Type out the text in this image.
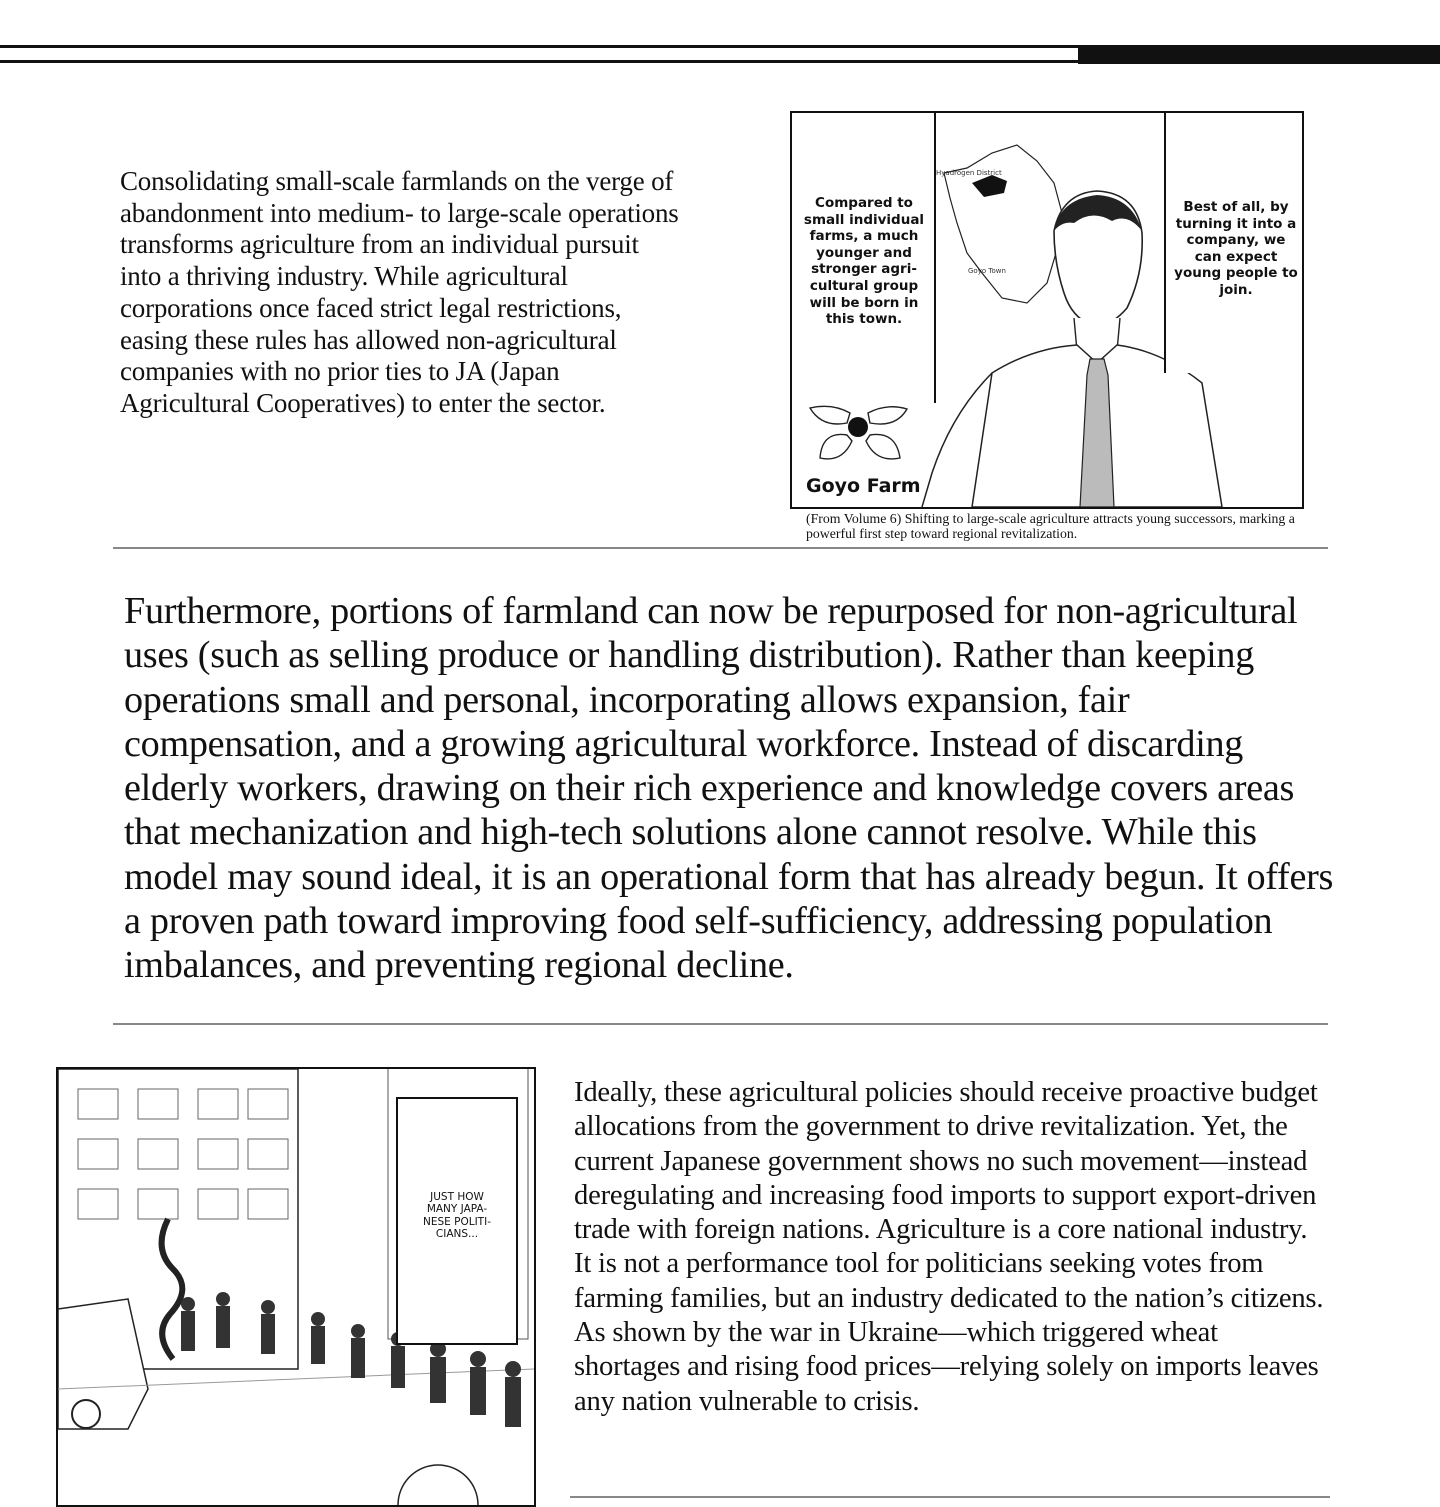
Consolidating small-scale farmlands on the verge of abandonment into medium- to large-scale operations transforms agriculture from an individual pursuit into a thriving industry. While agricultural corporations once faced strict legal restrictions, easing these rules has allowed non-agricultural companies with no prior ties to JA (Japan Agricultural Cooperatives) to enter the sector.

Compared to small individual farms, a much younger and stronger agri- cultural group will be born in this town.
Best of all, by turning it into a company, we can expect young people to join.
Hyadrogen District
Goyo Town
Goyo Farm
(From Volume 6) Shifting to large-scale agriculture attracts young successors, marking a powerful first step toward regional revitalization.

Furthermore, portions of farmland can now be repurposed for non-agricultural uses (such as selling produce or handling distribution). Rather than keeping operations small and personal, incorporating allows expansion, fair compensation, and a growing agricultural workforce. Instead of discarding elderly workers, drawing on their rich experience and knowledge covers areas that mechanization and high-tech solutions alone cannot resolve. While this model may sound ideal, it is an operational form that has already begun. It offers a proven path toward improving food self-sufficiency, addressing population imbalances, and preventing regional decline.

JUST HOW MANY JAPA- NESE POLITI- CIANS...

Ideally, these agricultural policies should receive proactive budget allocations from the government to drive revitalization. Yet, the current Japanese government shows no such movement—instead deregulating and increasing food imports to support export-driven trade with foreign nations. Agriculture is a core national industry. It is not a performance tool for politicians seeking votes from farming families, but an industry dedicated to the nation’s citizens. As shown by the war in Ukraine—which triggered wheat shortages and rising food prices—relying solely on imports leaves any nation vulnerable to crisis.
